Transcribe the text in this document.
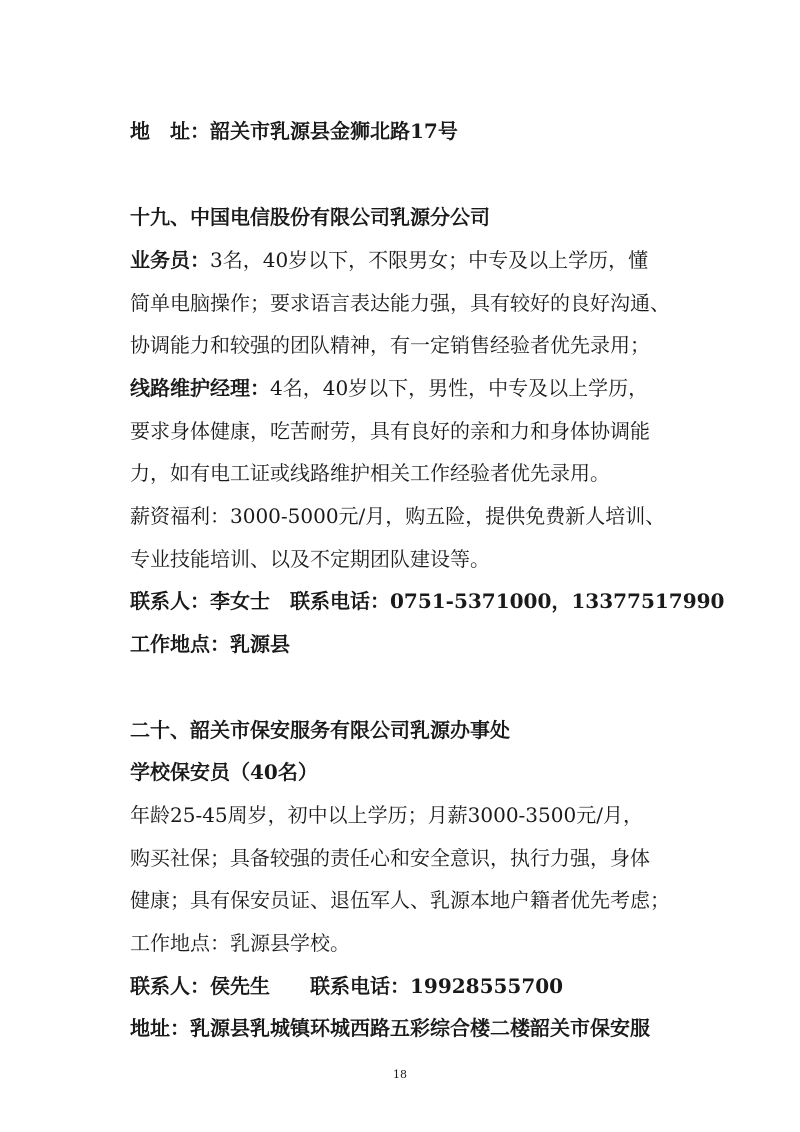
地　址：韶关市乳源县金狮北路17号

十九、中国电信股份有限公司乳源分公司

业务员：3名，40岁以下，不限男女；中专及以上学历，懂

简单电脑操作；要求语言表达能力强，具有较好的良好沟通、

协调能力和较强的团队精神，有一定销售经验者优先录用；

线路维护经理：4名，40岁以下，男性，中专及以上学历，

要求身体健康，吃苦耐劳，具有良好的亲和力和身体协调能

力，如有电工证或线路维护相关工作经验者优先录用。

薪资福利：3000-5000元/月，购五险，提供免费新人培训、

专业技能培训、以及不定期团队建设等。

联系人：李女士　联系电话：0751-5371000，13377517990

工作地点：乳源县

二十、韶关市保安服务有限公司乳源办事处

学校保安员（40名）

年龄25-45周岁，初中以上学历；月薪3000-3500元/月，

购买社保；具备较强的责任心和安全意识，执行力强，身体

健康；具有保安员证、退伍军人、乳源本地户籍者优先考虑；

工作地点：乳源县学校。

联系人：侯先生　　联系电话：19928555700

地址：乳源县乳城镇环城西路五彩综合楼二楼韶关市保安服

18
